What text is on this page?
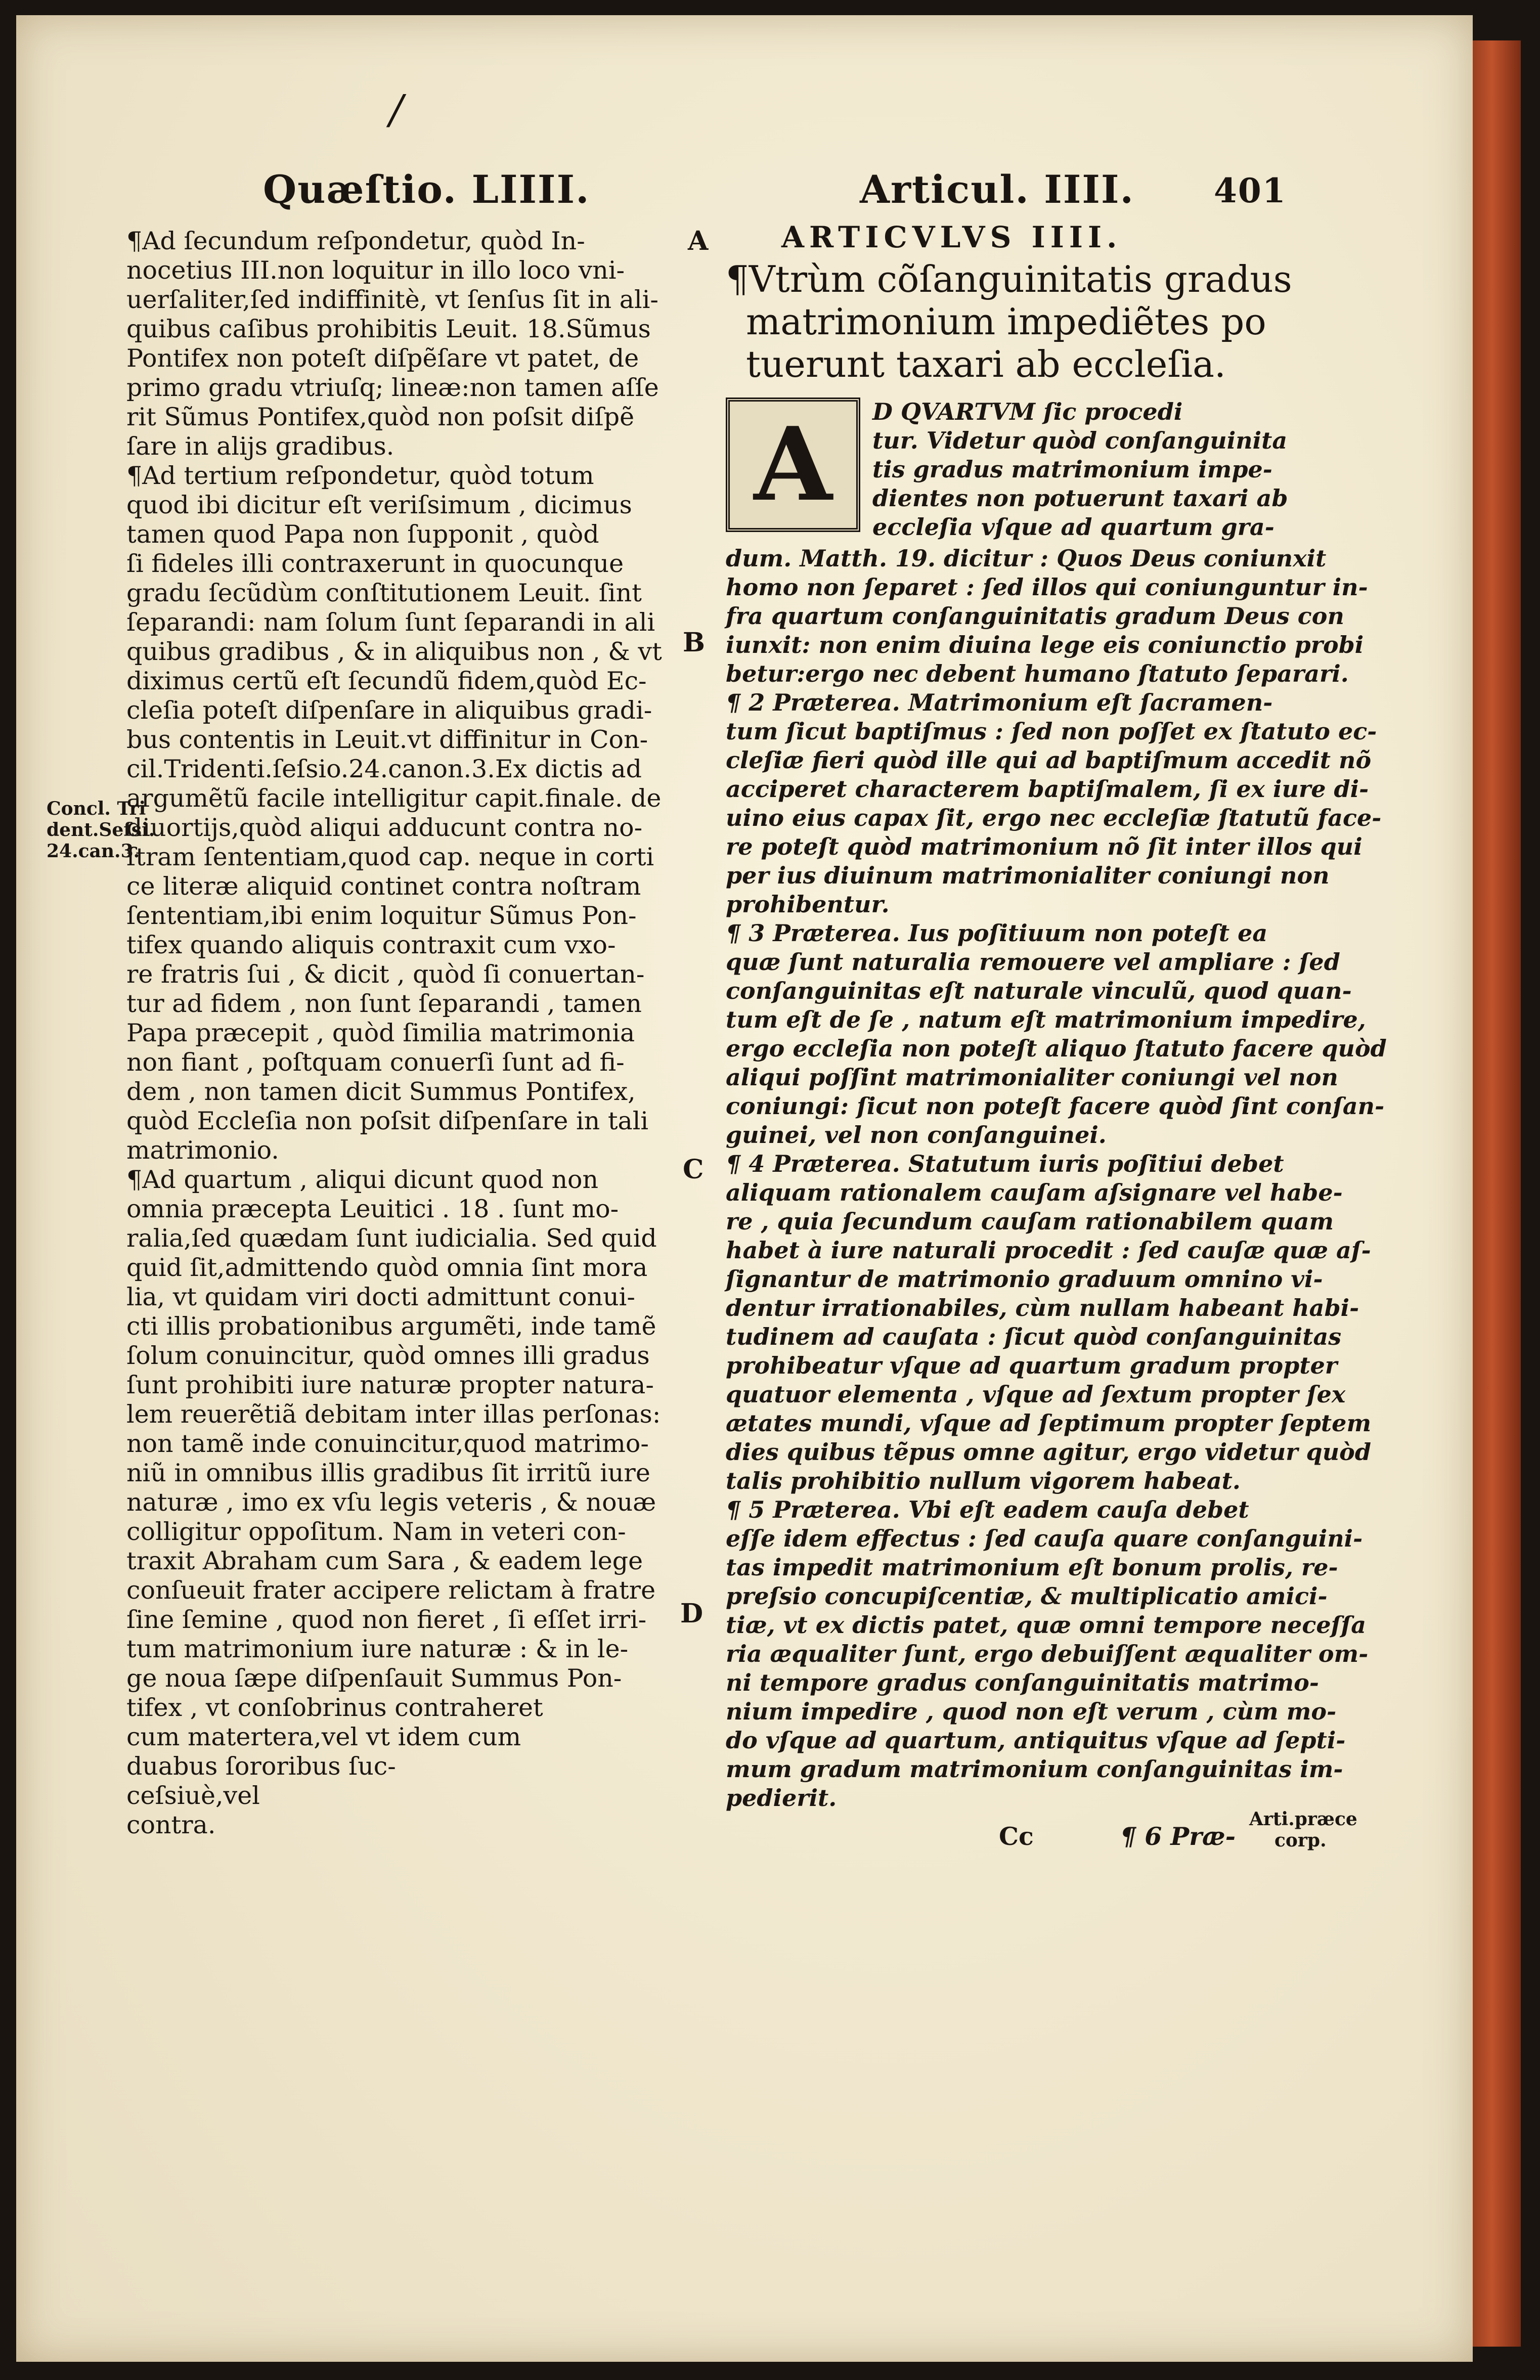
/
Quæſtio. LIIII.	Articul. IIII. 401
¶Ad ſecundum reſpondetur, quòd In-
nocetius III.non loquitur in illo loco vni-
uerſaliter,ſed indiffinitè, vt ſenſus ſit in ali-
quibus caſibus prohibitis Leuit. 18.Sũmus
Pontifex non poteſt diſpẽſare vt patet, de
primo gradu vtriuſq; lineæ:non tamen aſſe
rit Sũmus Pontifex,quòd non poſsit diſpẽ
ſare in alijs gradibus.
¶Ad tertium reſpondetur, quòd totum
quod ibi dicitur eſt veriſsimum , dicimus
tamen quod Papa non ſupponit , quòd
ſi fideles illi contraxerunt in quocunque
gradu ſecũdùm conſtitutionem Leuit. ſint
ſeparandi: nam ſolum ſunt ſeparandi in ali
quibus gradibus , & in aliquibus non , & vt
diximus certũ eſt ſecundũ fidem,quòd Ec-
cleſia poteſt diſpenſare in aliquibus gradi-
bus contentis in Leuit.vt diffinitur in Con-
cil.Tridenti.ſeſsio.24.canon.3.Ex dictis ad
argumẽtũ facile intelligitur capit.finale. de
diuortijs,quòd aliqui adducunt contra no-
ſtram ſententiam,quod cap. neque in corti
ce literæ aliquid continet contra noſtram
ſententiam,ibi enim loquitur Sũmus Pon-
tifex quando aliquis contraxit cum vxo-
re fratris ſui , & dicit , quòd ſi conuertan-
tur ad fidem , non ſunt ſeparandi , tamen
Papa præcepit , quòd ſimilia matrimonia
non fiant , poſtquam conuerſi ſunt ad fi-
dem , non tamen dicit Summus Pontifex,
quòd Eccleſia non poſsit diſpenſare in tali
matrimonio.
¶Ad quartum , aliqui dicunt quod non
omnia præcepta Leuitici . 18 . ſunt mo-
ralia,ſed quædam ſunt iudicialia. Sed quid
quid ſit,admittendo quòd omnia ſint mora
lia, vt quidam viri docti admittunt conui-
cti illis probationibus argumẽti, inde tamẽ
ſolum conuincitur, quòd omnes illi gradus
ſunt prohibiti iure naturæ propter natura-
lem reuerẽtiã debitam inter illas perſonas:
non tamẽ inde conuincitur,quod matrimo-
niũ in omnibus illis gradibus ſit irritũ iure
naturæ , imo ex vſu legis veteris , & nouæ
colligitur oppoſitum. Nam in veteri con-
traxit Abraham cum Sara , & eadem lege
conſueuit frater accipere relictam à fratre
ſine ſemine , quod non fieret , ſi eſſet irri-
tum matrimonium iure naturæ : & in le-
ge noua ſæpe diſpenſauit Summus Pon-
tifex , vt conſobrinus contraheret
cum matertera,vel vt idem cum
duabus ſororibus ſuc-
ceſsiuè,vel
contra.
Concl. Tri
dent.Seſsi.
24.can.3.
A
B
C
D
ARTICVLVS IIII.
¶Vtrùm cõſanguinitatis gradus
matrimonium impediẽtes po
tuerunt taxari ab eccleſia.
A D QVARTVM ſic procedi
tur. Videtur quòd conſanguinita
tis gradus matrimonium impe-
dientes non potuerunt taxari ab
eccleſia vſque ad quartum gra-
dum. Matth. 19. dicitur : Quos Deus coniunxit
homo non ſeparet : ſed illos qui coniunguntur in-
fra quartum conſanguinitatis gradum Deus con
iunxit: non enim diuina lege eis coniunctio probi
betur:ergo nec debent humano ſtatuto ſeparari.
¶ 2 Præterea. Matrimonium eſt ſacramen-
tum ſicut baptiſmus : ſed non poſſet ex ſtatuto ec-
cleſiæ fieri quòd ille qui ad baptiſmum accedit nõ
acciperet characterem baptiſmalem, ſi ex iure di-
uino eius capax ſit, ergo nec eccleſiæ ſtatutũ face-
re poteſt quòd matrimonium nõ ſit inter illos qui
per ius diuinum matrimonialiter coniungi non
prohibentur.
¶ 3 Præterea. Ius poſitiuum non poteſt ea
quæ ſunt naturalia remouere vel ampliare : ſed
conſanguinitas eſt naturale vinculũ, quod quan-
tum eſt de ſe , natum eſt matrimonium impedire,
ergo eccleſia non poteſt aliquo ſtatuto facere quòd
aliqui poſſint matrimonialiter coniungi vel non
coniungi: ſicut non poteſt facere quòd ſint conſan-
guinei, vel non conſanguinei.
¶ 4 Præterea. Statutum iuris poſitiui debet
aliquam rationalem cauſam aſsignare vel habe-
re , quia ſecundum cauſam rationabilem quam
habet à iure naturali procedit : ſed cauſæ quæ aſ-
ſignantur de matrimonio graduum omnino vi-
dentur irrationabiles, cùm nullam habeant habi-
tudinem ad cauſata : ſicut quòd conſanguinitas
prohibeatur vſque ad quartum gradum propter
quatuor elementa , vſque ad ſextum propter ſex
ætates mundi, vſque ad ſeptimum propter ſeptem
dies quibus tẽpus omne agitur, ergo videtur quòd
talis prohibitio nullum vigorem habeat.
¶ 5 Præterea. Vbi eſt eadem cauſa debet
eſſe idem effectus : ſed cauſa quare conſanguini-
tas impedit matrimonium eſt bonum prolis, re-
preſsio concupiſcentiæ, & multiplicatio amici-
tiæ, vt ex dictis patet, quæ omni tempore neceſſa
ria æqualiter ſunt, ergo debuiſſent æqualiter om-
ni tempore gradus conſanguinitatis matrimo-
nium impedire , quod non eſt verum , cùm mo-
do vſque ad quartum, antiquitus vſque ad ſepti-
mum gradum matrimonium conſanguinitas im-
pedierit.
Cc	¶ 6 Præ-
Arti.præce
corp.
